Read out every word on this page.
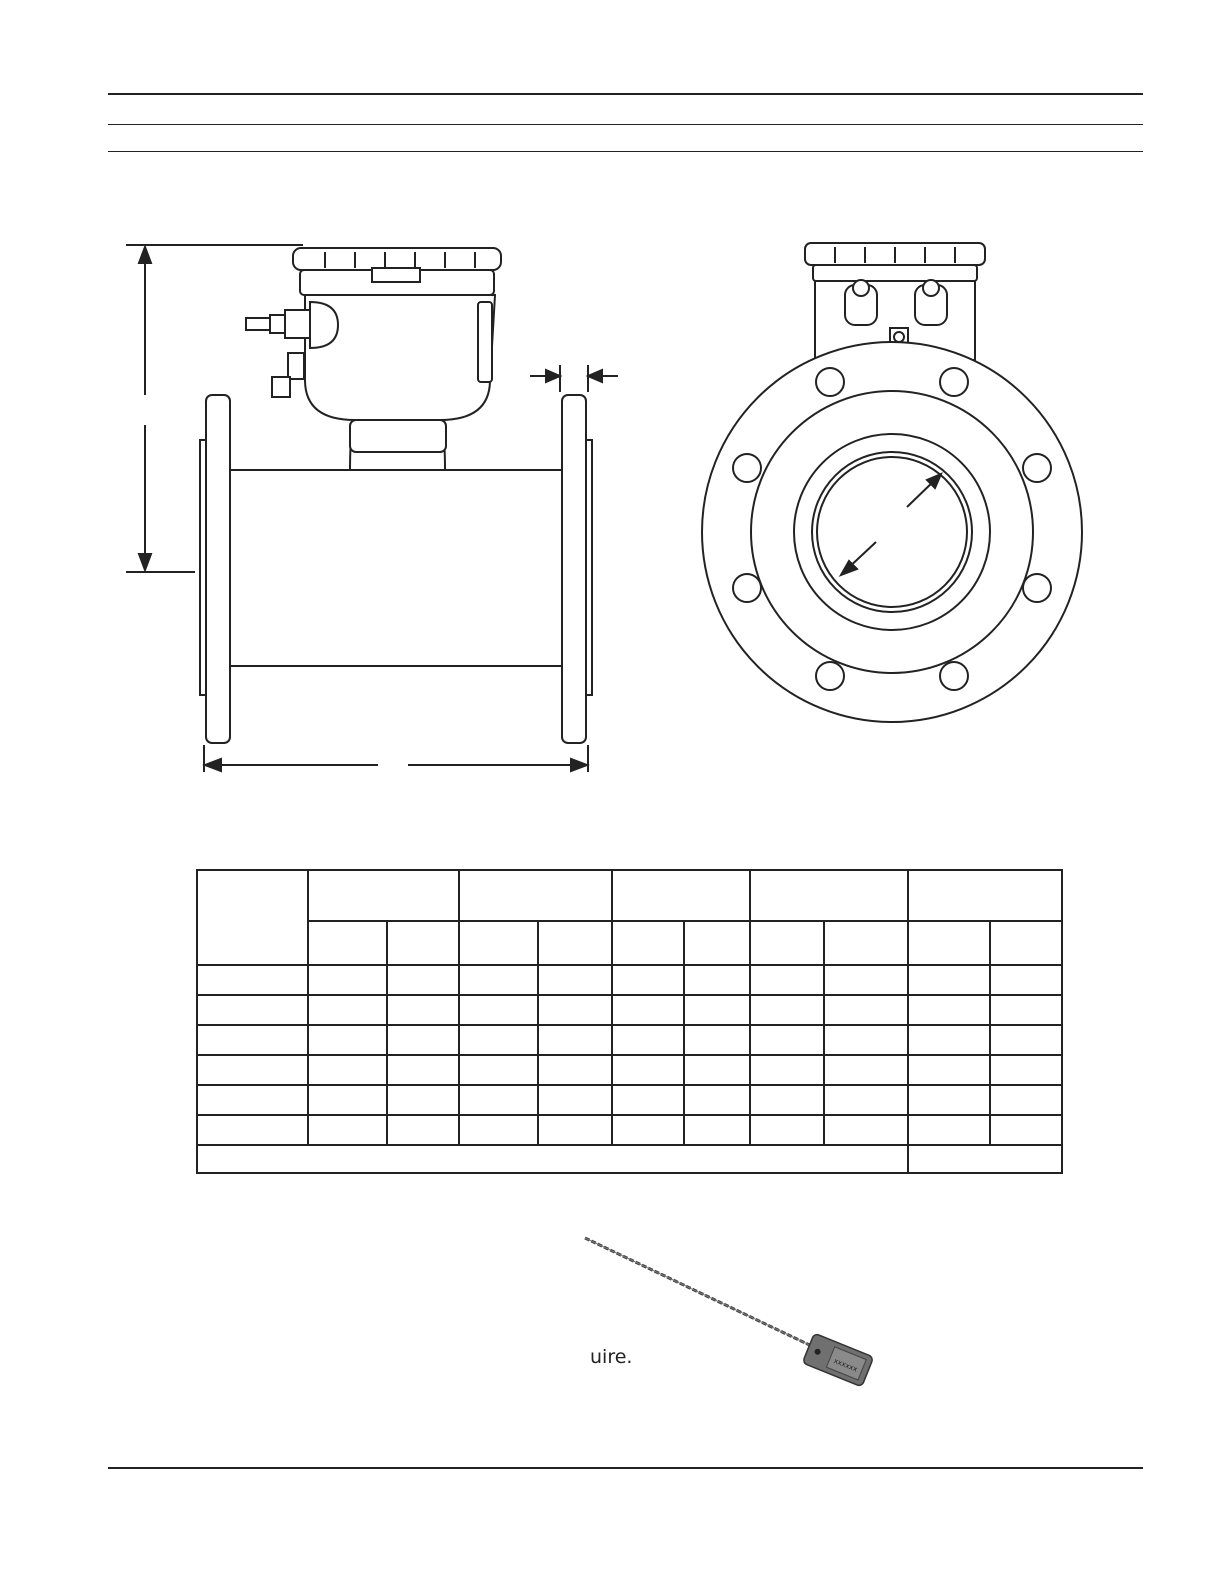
xxxxxx
uire.
